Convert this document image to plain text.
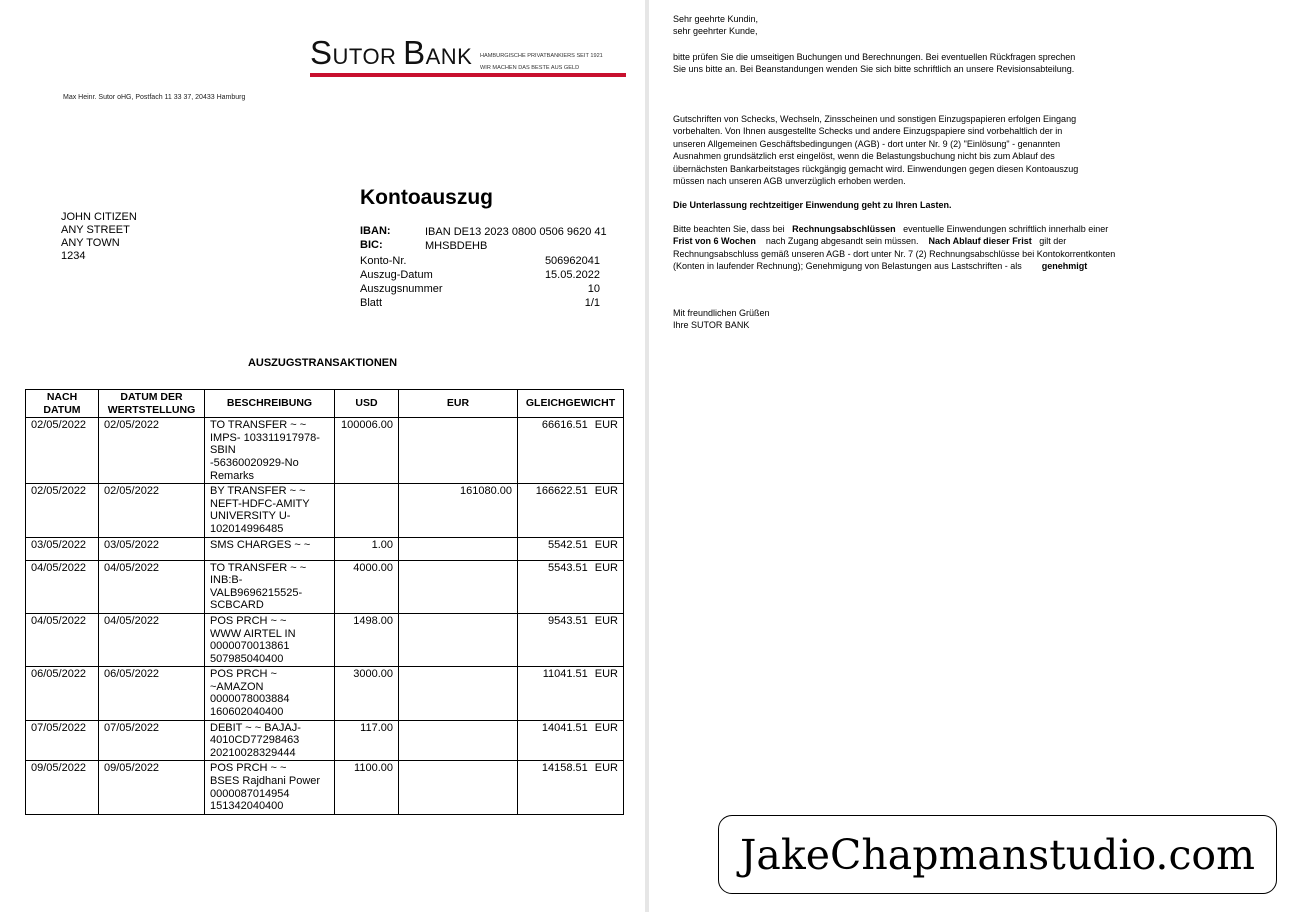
SUTOR BANK HAMBURGISCHE PRIVATBANKIERS SEIT 1921
WIR MACHEN DAS BESTE AUS GELD
Max Heinr. Sutor oHG, Postfach 11 33 37, 20433 Hamburg
JOHN CITIZEN
ANY STREET
ANY TOWN
1234
Kontoauszug
IBAN:	IBAN DE13 2023 0800 0506 9620 41
BIC:	MHSBDEHB
Konto-Nr.	506962041
Auszug-Datum	15.05.2022
Auszugsnummer	10
Blatt	1/1
AUSZUGSTRANSAKTIONEN
NACH DATUM	DATUM DER WERTSTELLUNG	BESCHREIBUNG	USD	EUR	GLEICHGEWICHT
02/05/2022	02/05/2022	TO TRANSFER ~ ~
IMPS- 103311917978-
SBIN
-56360020929-No
Remarks	100006.00		66616.51 EUR
02/05/2022	02/05/2022	BY TRANSFER ~ ~
NEFT-HDFC-AMITY
UNIVERSITY U-
102014996485		161080.00	166622.51 EUR
03/05/2022	03/05/2022	SMS CHARGES ~ ~	1.00		5542.51 EUR
04/05/2022	04/05/2022	TO TRANSFER ~ ~
INB:B-
VALB9696215525-
SCBCARD	4000.00		5543.51 EUR
04/05/2022	04/05/2022	POS PRCH ~ ~
WWW AIRTEL IN
0000070013861
507985040400	1498.00		9543.51 EUR
06/05/2022	06/05/2022	POS PRCH ~
~AMAZON
0000078003884
160602040400	3000.00		11041.51 EUR
07/05/2022	07/05/2022	DEBIT ~ ~ BAJAJ-
4010CD77298463
20210028329444	117.00		14041.51 EUR
09/05/2022	09/05/2022	POS PRCH ~ ~
BSES Rajdhani Power
0000087014954
151342040400	1100.00		14158.51 EUR
Sehr geehrte Kundin,
sehr geehrter Kunde,
bitte prüfen Sie die umseitigen Buchungen und Berechnungen. Bei eventuellen Rückfragen sprechen
Sie uns bitte an. Bei Beanstandungen wenden Sie sich bitte schriftlich an unsere Revisionsabteilung.
Gutschriften von Schecks, Wechseln, Zinsscheinen und sonstigen Einzugspapieren erfolgen Eingang
vorbehalten. Von Ihnen ausgestellte Schecks und andere Einzugspapiere sind vorbehaltlich der in
unseren Allgemeinen Geschäftsbedingungen (AGB) - dort unter Nr. 9 (2) "Einlösung" - genannten
Ausnahmen grundsätzlich erst eingelöst, wenn die Belastungsbuchung nicht bis zum Ablauf des
übernächsten Bankarbeitstages rückgängig gemacht wird. Einwendungen gegen diesen Kontoauszug
müssen nach unseren AGB unverzüglich erhoben werden.
Die Unterlassung rechtzeitiger Einwendung geht zu Ihren Lasten.
Bitte beachten Sie, dass bei Rechnungsabschlüssen eventuelle Einwendungen schriftlich innerhalb einer
Frist von 6 Wochen nach Zugang abgesandt sein müssen. Nach Ablauf dieser Frist gilt der
Rechnungsabschluss gemäß unseren AGB - dort unter Nr. 7 (2) Rechnungsabschlüsse bei Kontokorrentkonten
(Konten in laufender Rechnung); Genehmigung von Belastungen aus Lastschriften - als genehmigt
Mit freundlichen Grüßen
Ihre SUTOR BANK
JakeChapmanstudio.com
